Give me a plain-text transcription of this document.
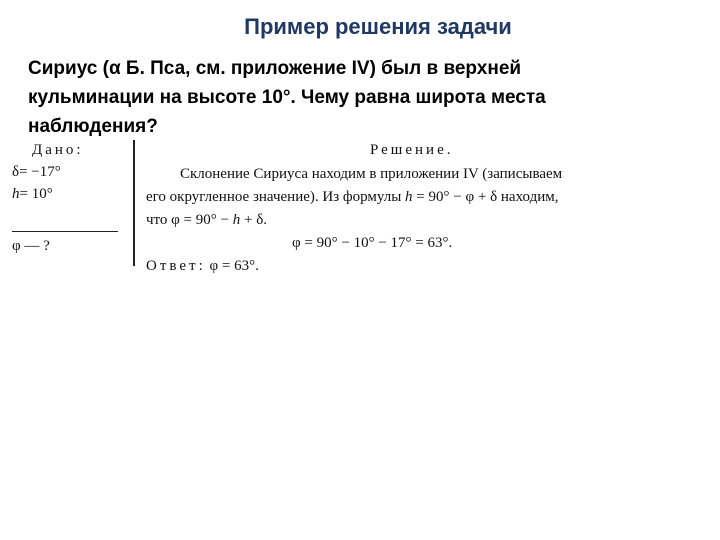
Пример решения задачи
Сириус (α Б. Пса, см. приложение IV) был в верхней
кульминации на высоте 10°. Чему равна широта места
наблюдения?
Дано:
δ= −17°
h= 10°
φ — ?
Решение.
Склонение Сириуса находим в приложении IV (записываем
его округленное значение). Из формулы h = 90° − φ + δ находим,
что φ = 90° − h + δ.
φ = 90° − 10° − 17° = 63°.
Ответ: φ = 63°.
